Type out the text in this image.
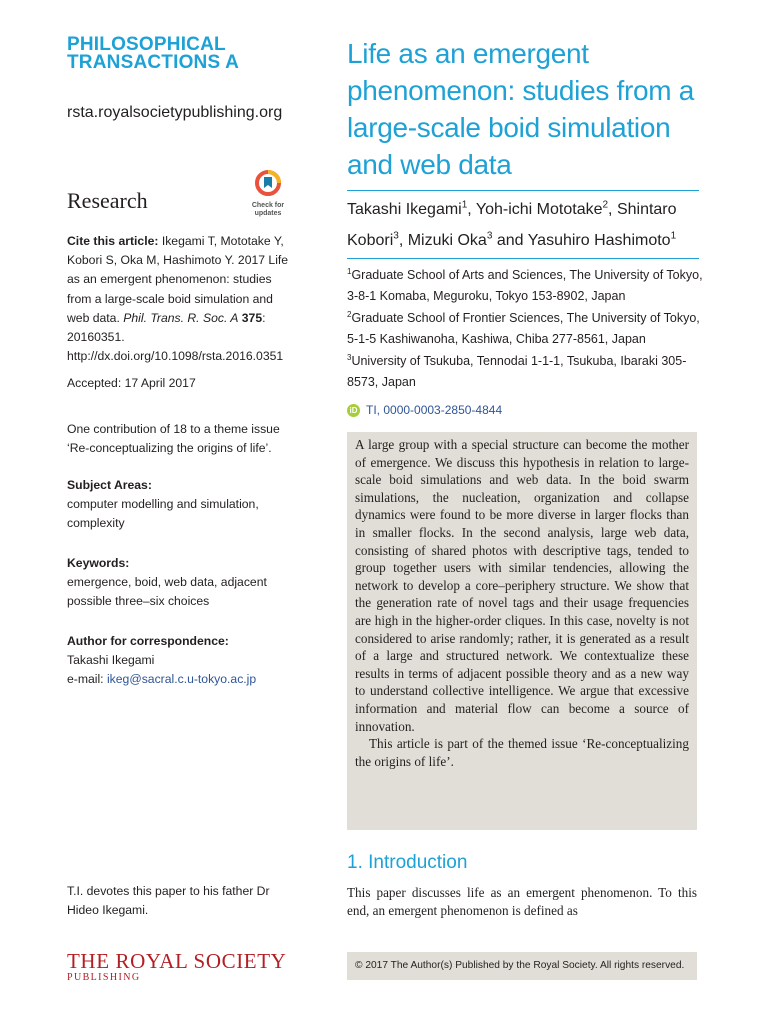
PHILOSOPHICAL
TRANSACTIONS A
rsta.royalsocietypublishing.org
Research	Check for
updates
Cite this article: Ikegami T, Mototake Y, Kobori S, Oka M, Hashimoto Y. 2017 Life as an emergent phenomenon: studies from a large-scale boid simulation and web data. Phil. Trans. R. Soc. A 375: 20160351. http://dx.doi.org/10.1098/rsta.2016.0351
Accepted: 17 April 2017
One contribution of 18 to a theme issue
‘Re-conceptualizing the origins of life’.
Subject Areas:
computer modelling and simulation, complexity
Keywords:
emergence, boid, web data, adjacent possible three–six choices
Author for correspondence:
Takashi Ikegami
e-mail: ikeg@sacral.c.u-tokyo.ac.jp
T.I. devotes this paper to his father Dr Hideo Ikegami.
THE ROYAL SOCIETY
PUBLISHING
Life as an emergent phenomenon: studies from a large-scale boid simulation and web data
Takashi Ikegami$^1$, Yoh-ichi Mototake$^2$, Shintaro Kobori$^3$, Mizuki Oka$^3$ and Yasuhiro Hashimoto$^1$
$^1$Graduate School of Arts and Sciences, The University of Tokyo, 3-8-1 Komaba, Meguroku, Tokyo 153-8902, Japan
$^2$Graduate School of Frontier Sciences, The University of Tokyo, 5-1-5 Kashiwanoha, Kashiwa, Chiba 277-8561, Japan
$^3$University of Tsukuba, Tennodai 1-1-1, Tsukuba, Ibaraki 305-8573, Japan
iD TI, 0000-0003-2850-4844

A large group with a special structure can become the mother of emergence. We discuss this hypothesis in relation to large-scale boid simulations and web data. In the boid swarm simulations, the nucleation, organization and collapse dynamics were found to be more diverse in larger flocks than in smaller flocks. In the second analysis, large web data, consisting of shared photos with descriptive tags, tended to group together users with similar tendencies, allowing the network to develop a core–periphery structure. We show that the generation rate of novel tags and their usage frequencies are high in the higher-order cliques. In this case, novelty is not considered to arise randomly; rather, it is generated as a result of a large and structured network. We contextualize these results in terms of adjacent possible theory and as a new way to understand collective intelligence. We argue that excessive information and material flow can become a source of innovation.

This article is part of the themed issue ‘Re-conceptualizing the origins of life’.

1. Introduction
This paper discusses life as an emergent phenomenon. To this end, an emergent phenomenon is defined as
© 2017 The Author(s) Published by the Royal Society. All rights reserved.
